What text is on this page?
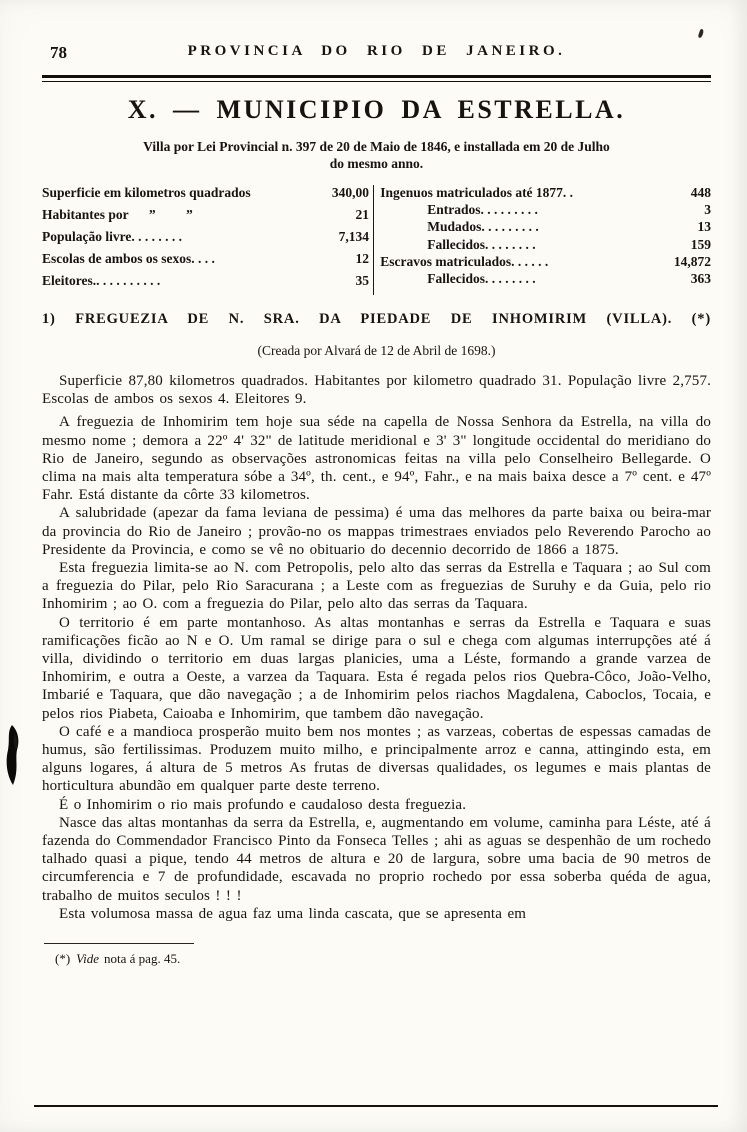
78	PROVINCIA DO RIO DE JANEIRO.
X. — MUNICIPIO DA ESTRELLA.

Villa por Lei Provincial n. 397 de 20 de Maio de 1846, e installada em 20 de Julho
do mesmo anno.

Superficie em kilometros quadrados	340,00
Habitantes por      ”         ”	21
População livre. . . . . . . .	7,134
Escolas de ambos os sexos. . . .	12
Eleitores.. . . . . . . . . .	35
Ingenuos matriculados até 1877. .	448
Entrados. . . . . . . . .	3
Mudados. . . . . . . . .	13
Fallecidos. . . . . . . .	159
Escravos matriculados. . . . . .	14,872
Fallecidos. . . . . . . .	363
1) FREGUEZIA DE N. SRA. DA PIEDADE DE INHOMIRIM (VILLA). (*)

(Creada por Alvará de 12 de Abril de 1698.)

Superficie 87,80 kilometros quadrados. Habitantes por kilometro quadrado 31. População livre 2,757. Escolas de ambos os sexos 4. Eleitores 9.

A freguezia de Inhomirim tem hoje sua séde na capella de Nossa Senhora da Estrella, na villa do mesmo nome ; demora a 22º 4' 32" de latitude meridional e 3' 3" longitude occidental do meridiano do Rio de Janeiro, segundo as observações astronomicas feitas na villa pelo Conselheiro Bellegarde. O clima na mais alta temperatura sóbe a 34º, th. cent., e 94º, Fahr., e na mais baixa desce a 7º cent. e 47º Fahr. Está distante da côrte 33 kilometros.

A salubridade (apezar da fama leviana de pessima) é uma das melhores da parte baixa ou beira-mar da provincia do Rio de Janeiro ; provão-no os mappas trimestraes enviados pelo Reverendo Parocho ao Presidente da Provincia, e como se vê no obituario do decennio decorrido de 1866 a 1875.

Esta freguezia limita-se ao N. com Petropolis, pelo alto das serras da Estrella e Taquara ; ao Sul com a freguezia do Pilar, pelo Rio Saracurana ; a Leste com as freguezias de Suruhy e da Guia, pelo rio Inhomirim ; ao O. com a freguezia do Pilar, pelo alto das serras da Taquara.

O territorio é em parte montanhoso. As altas montanhas e serras da Estrella e Taquara e suas ramificações ficão ao N e O. Um ramal se dirige para o sul e chega com algumas interrupções até á villa, dividindo o territorio em duas largas planicies, uma a Léste, formando a grande varzea de Inhomirim, e outra a Oeste, a varzea da Taquara. Esta é regada pelos rios Quebra-Côco, João-Velho, Imbarié e Taquara, que dão navegação ; a de Inhomirim pelos riachos Magdalena, Caboclos, Tocaia, e pelos rios Piabeta, Caioaba e Inhomirim, que tambem dão navegação.

O café e a mandioca prosperão muito bem nos montes ; as varzeas, cobertas de espessas camadas de humus, são fertilissimas. Produzem muito milho, e principalmente arroz e canna, attingindo esta, em alguns logares, á altura de 5 metros As frutas de diversas qualidades, os legumes e mais plantas de horticultura abundão em qualquer parte deste terreno.

É o Inhomirim o rio mais profundo e caudaloso desta freguezia.

Nasce das altas montanhas da serra da Estrella, e, augmentando em volume, caminha para Léste, até á fazenda do Commendador Francisco Pinto da Fonseca Telles ; ahi as aguas se despenhão de um rochedo talhado quasi a pique, tendo 44 metros de altura e 20 de largura, sobre uma bacia de 90 metros de circumferencia e 7 de profundidade, escavada no proprio rochedo por essa soberba quéda de agua, trabalho de muitos seculos ! ! !

Esta volumosa massa de agua faz uma linda cascata, que se apresenta em

(*) Vide nota á pag. 45.
